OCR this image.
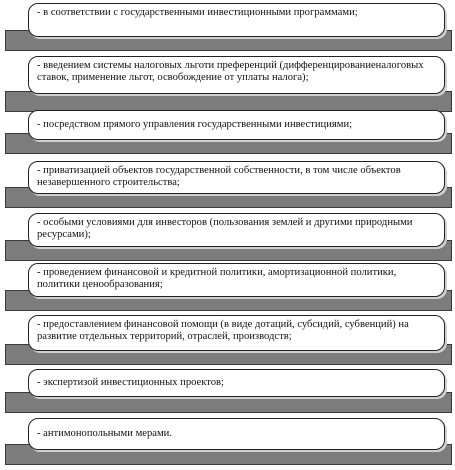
- в соответствии с государственными инвестиционными программами;
- введением системы налоговых льготи преференций (дифференцированиеналоговых ставок, применение льгот, освобождение от уплаты налога);
- посредством прямого управления государственными инвестициями;
- приватизацией объектов государственной собственности, в том числе объектов незавершенного строительства;
- особыми условиями для инвесторов (пользования землей и другими природными ресурсами);
- проведением финансовой и кредитной политики, амортизационной политики, политики ценообразования;
- предоставлением финансовой помощи (в виде дотаций, субсидий, субвенций) на развитие отдельных территорий, отраслей, производств;
- экспертизой инвестиционных проектов;
- антимонопольными мерами.
